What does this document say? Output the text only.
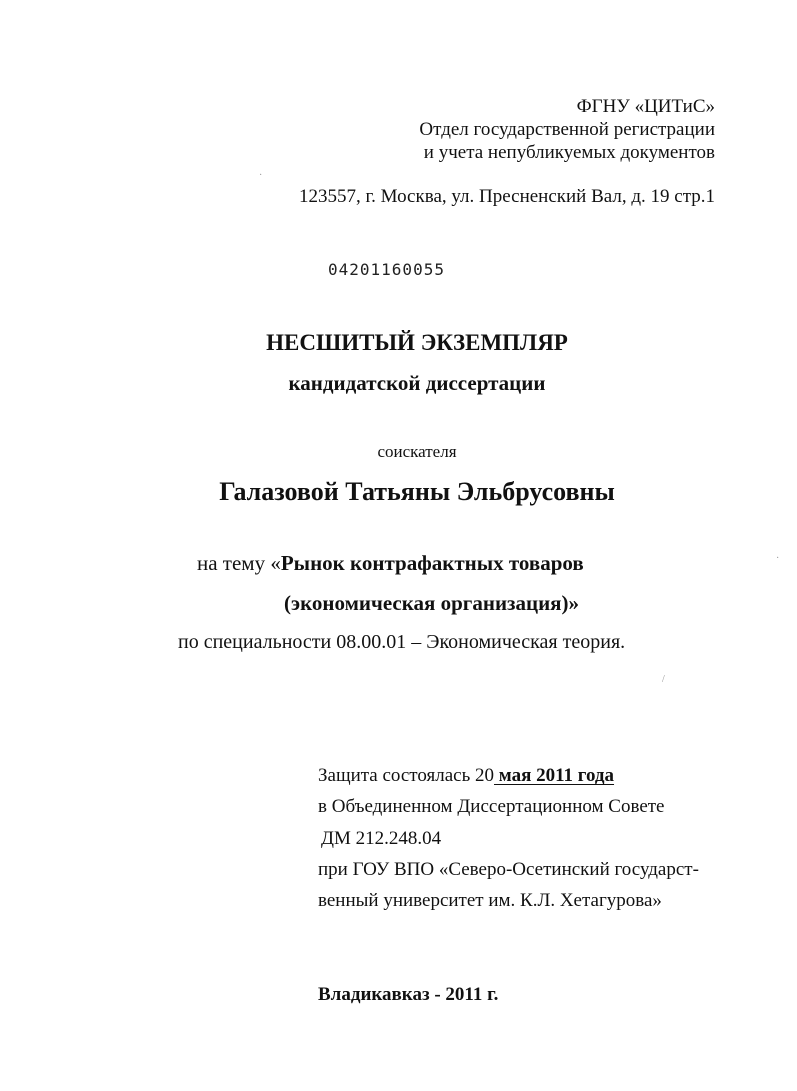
ФГНУ «ЦИТиС»
Отдел государственной регистрации
и учета непубликуемых документов
123557, г. Москва, ул. Пресненский Вал, д. 19 стр.1
04201160055
НЕСШИТЫЙ ЭКЗЕМПЛЯР
кандидатской диссертации
соискателя
Галазовой Татьяны Эльбрусовны
на тему «Рынок контрафактных товаров
(экономическая организация)»
по специальности 08.00.01 – Экономическая теория.
Защита состоялась 20 мая 2011 года
в Объединенном Диссертационном Совете
ДМ 212.248.04
при ГОУ ВПО «Северо-Осетинский государст-
венный университет им. К.Л. Хетагурова»
Владикавказ - 2011 г.
·
·
/
